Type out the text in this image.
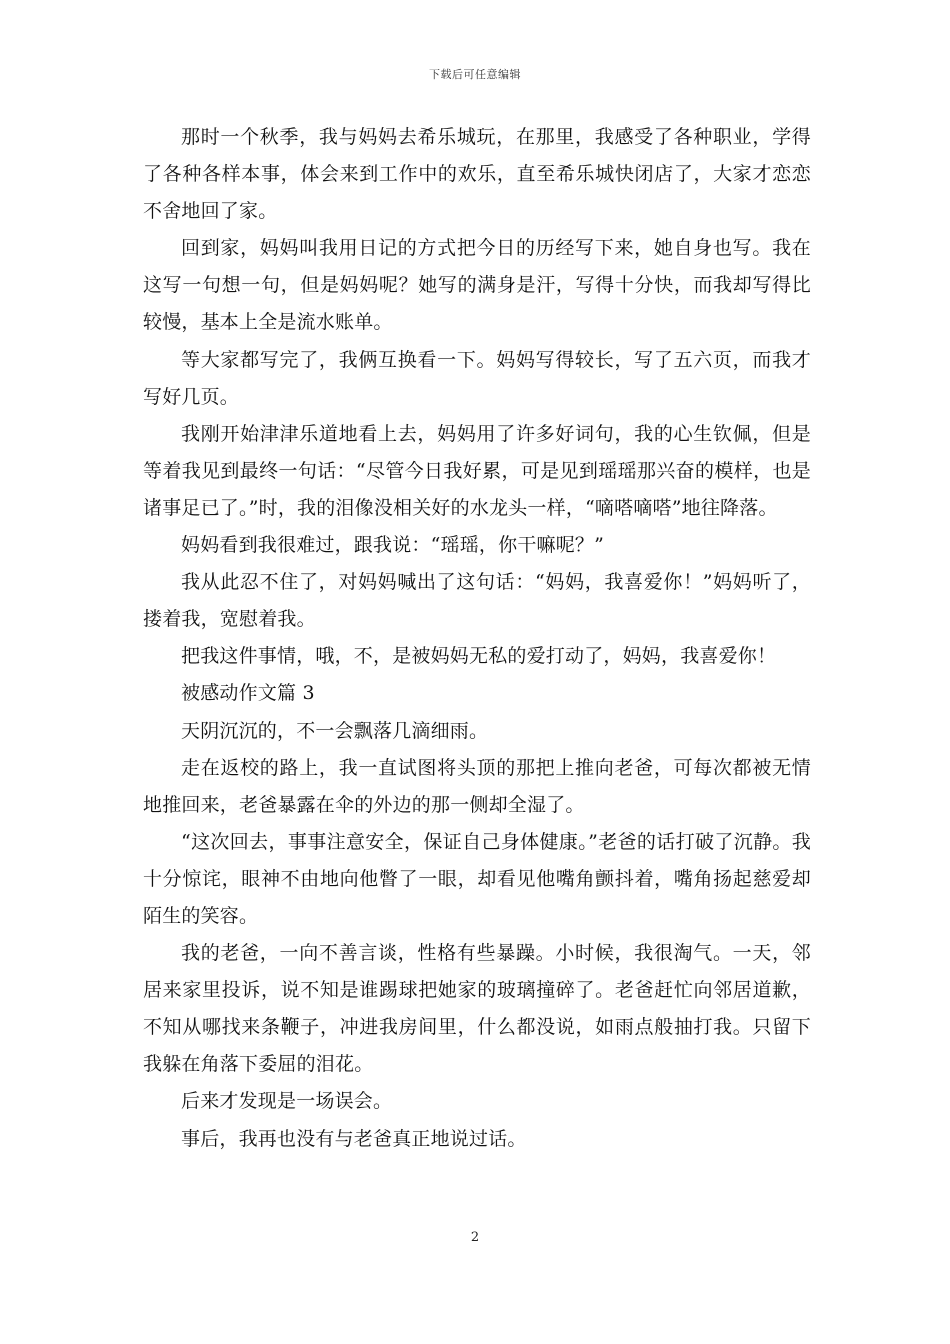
下载后可任意编辑

那时一个秋季，我与妈妈去希乐城玩，在那里，我感受了各种职业，学得了各种各样本事，体会来到工作中的欢乐，直至希乐城快闭店了，大家才恋恋不舍地回了家。

回到家，妈妈叫我用日记的方式把今日的历经写下来，她自身也写。我在这写一句想一句，但是妈妈呢？她写的满身是汗，写得十分快，而我却写得比较慢，基本上全是流水账单。

等大家都写完了，我俩互换看一下。妈妈写得较长，写了五六页，而我才写好几页。

我刚开始津津乐道地看上去，妈妈用了许多好词句，我的心生钦佩，但是等着我见到最终一句话：“尽管今日我好累，可是见到瑶瑶那兴奋的模样，也是诸事足已了。”时，我的泪像没相关好的水龙头一样，“嘀嗒嘀嗒”地往降落。

妈妈看到我很难过，跟我说：“瑶瑶，你干嘛呢？”

我从此忍不住了，对妈妈喊出了这句话：“妈妈，我喜爱你！”妈妈听了，搂着我，宽慰着我。

把我这件事情，哦，不，是被妈妈无私的爱打动了，妈妈，我喜爱你！

被感动作文篇 3

天阴沉沉的，不一会飘落几滴细雨。

走在返校的路上，我一直试图将头顶的那把上推向老爸，可每次都被无情地推回来，老爸暴露在伞的外边的那一侧却全湿了。

“这次回去，事事注意安全，保证自己身体健康。”老爸的话打破了沉静。我十分惊诧，眼神不由地向他瞥了一眼，却看见他嘴角颤抖着，嘴角扬起慈爱却陌生的笑容。

我的老爸，一向不善言谈，性格有些暴躁。小时候，我很淘气。一天，邻居来家里投诉，说不知是谁踢球把她家的玻璃撞碎了。老爸赶忙向邻居道歉，不知从哪找来条鞭子，冲进我房间里，什么都没说，如雨点般抽打我。只留下我躲在角落下委屈的泪花。

后来才发现是一场误会。

事后，我再也没有与老爸真正地说过话。

2
